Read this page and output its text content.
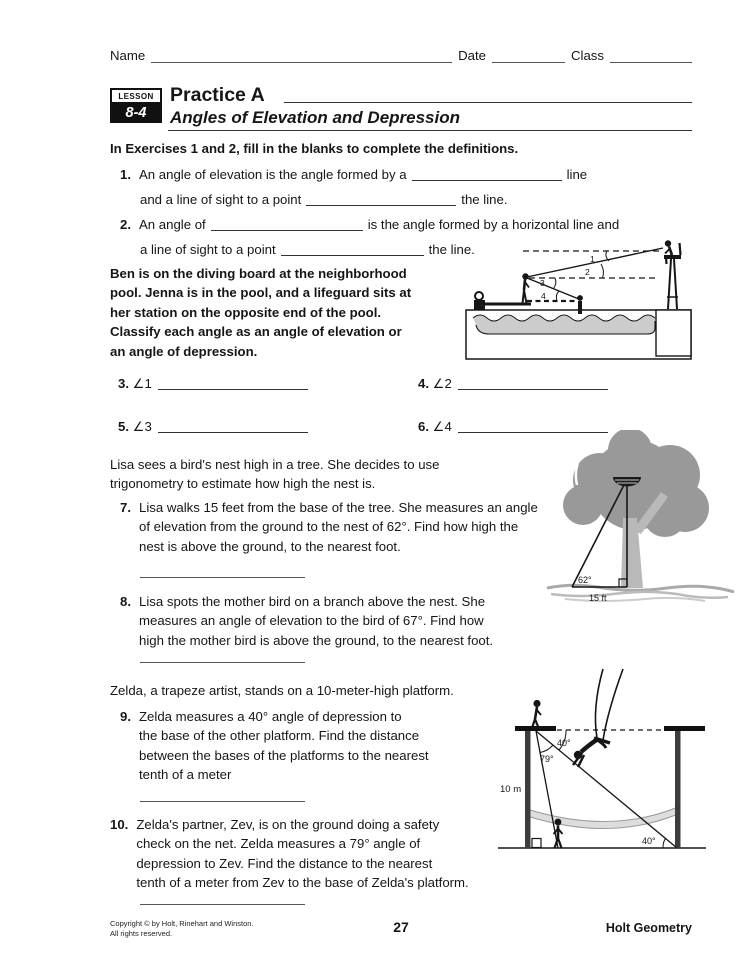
Name	Date	Class
LESSON
8-4
Practice A
Angles of Elevation and Depression
In Exercises 1 and 2, fill in the blanks to complete the definitions.
1. An angle of elevation is the angle formed by a	line
and a line of sight to a point	the line.
2. An angle of	is the angle formed by a horizontal line and
a line of sight to a point	the line.
Ben is on the diving board at the neighborhood
pool. Jenna is in the pool, and a lifeguard sits at
her station on the opposite end of the pool.
Classify each angle as an angle of elevation or
an angle of depression.
1
2
3
4
3. ∠1	4. ∠2
5. ∠3	6. ∠4
Lisa sees a bird's nest high in a tree. She decides to use
trigonometry to estimate how high the nest is.
7. Lisa walks 15 feet from the base of the tree. She measures an angle
of elevation from the ground to the nest of 62°. Find how high the
nest is above the ground, to the nearest foot.
62°
15 ft
8. Lisa spots the mother bird on a branch above the nest. She
measures an angle of elevation to the bird of 67°. Find how
high the mother bird is above the ground, to the nearest foot.
Zelda, a trapeze artist, stands on a 10-meter-high platform.
9. Zelda measures a 40° angle of depression to
the base of the other platform. Find the distance
between the bases of the platforms to the nearest
tenth of a meter
40°
79°
40°
10 m
10. Zelda's partner, Zev, is on the ground doing a safety
check on the net. Zelda measures a 79° angle of
depression to Zev. Find the distance to the nearest
tenth of a meter from Zev to the base of Zelda's platform.
Copyright © by Holt, Rinehart and Winston.
All rights reserved.	27	Holt Geometry
